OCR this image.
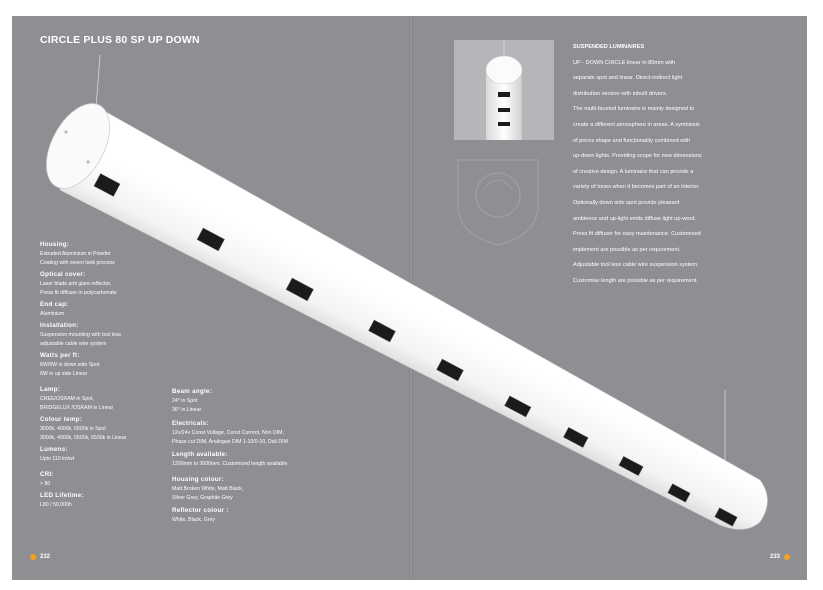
CIRCLE PLUS 80 SP UP DOWN
Housing:
Extruded Aluminium in Powder
Coating with seven tank process
Optical cover:
Laser blade anti glare reflector,
Press fit diffuser in polycarbonate
End cap:
Aluminium
Installation:
Suspension mounting with tool less
adjustable cable wire system
Watts per ft:
6W/9W in down side Spot
6W in up side Linear
Lamp:
CREE/OSRAM in Spot,
BRIDGELUX /OSRAM in Linear
Colour temp:
3000k, 4000k, 6500k in Spot
3000k, 4000k, 5500k, 6500k in Linear
Lumens:
Upto 110 lm/wt
CRI:
> 80
LED Lifetime:
L80 / 50,000h
Beam angle:
24° in Spot
36° in Linear
Electricals:
12v/24v Const Voltage, Const Current, Non DIM,
Phase cut DIM, Analogue DIM 1-10/0-10, Dali DIM
Length available:
1200mm to 3600mm. Customized length available
Housing colour:
Matt Broken White, Matt Black,
Silver Grey, Graphite Grey
Reflector colour :
White, Black, Grey
SUSPENDED LUMINAIRES

UP - DOWN CIRCLE linear in 80mm with

separate spot and linear. Direct-indirect light

distribution version with inbuilt drivers.

The multi-faceted luminaire is mainly designed to

create a different atmosphere in areas. A symbiosis

of prices shape and functionality combined with

up-down lights. Providing scope for new dimensions

of creative design. A luminaire that can provide a

variety of tones when it becomes part of an interior.

Optionally down side spot provide pleasant

ambience and up-light emits diffuse light up-word.

Press fit diffuser for easy maintenance. Customised

implement are possible as per requirement.

Adjustable tool less cable wire suspension system.

Customise length are possible as per requirement.

232	233
